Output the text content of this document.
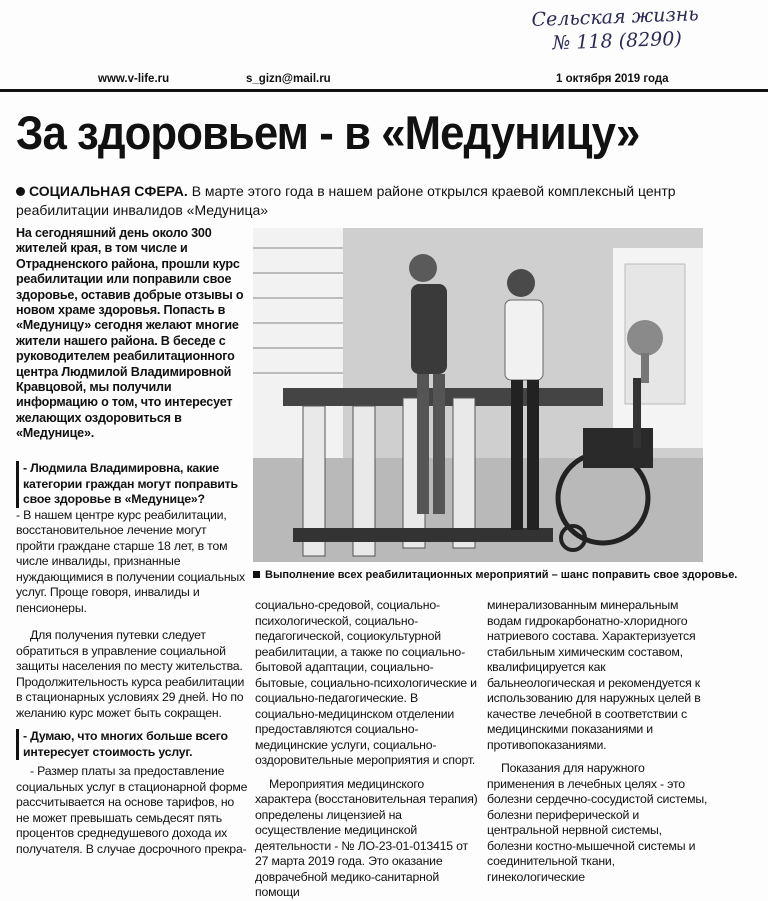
Сельская жизнь
№ 118 (8290)
www.v-life.ru	s_gizn@mail.ru	1 октября 2019 года
За здоровьем - в «Медуницу»
СОЦИАЛЬНАЯ СФЕРА. В марте этого года в нашем районе открылся краевой комплексный центр реабилитации инвалидов «Медуница»
На сегодняшний день около 300 жителей края, в том числе и Отрадненского района, прошли курс реабилитации или поправили свое здоровье, оставив добрые отзывы о новом храме здоровья. Попасть в «Медуницу» сегодня желают многие жители нашего района. В беседе с руководителем реабилитационного центра Людмилой Владимировной Кравцовой, мы получили информацию о том, что интересует желающих оздоровиться в «Медунице».
Выполнение всех реабилитационных мероприятий – шанс поправить свое здоровье.

- Людмила Владимировна, какие категории граждан могут поправить свое здоровье в «Медунице»?

- В нашем центре курс реабилитации, восстановительное лечение могут пройти граждане старше 18 лет, в том числе инвалиды, признанные нуждающимися в получении социальных услуг. Проще говоря, инвалиды и пенсионеры.

Для получения путевки следует обратиться в управление социальной защиты населения по месту жительства. Продолжительность курса реабилитации в стационарных условиях 29 дней. Но по желанию курс может быть сокращен.

- Думаю, что многих больше всего интересует стоимость услуг.

- Размер платы за предоставление социальных услуг в стационарной форме рассчитывается на основе тарифов, но не может превышать семьдесят пять процентов среднедушевого дохода их получателя. В случае досрочного прекра-

социально-средовой, социально-психологической, социально-педагогической, социокультурной реабилитации, а также по социально-бытовой адаптации, социально-бытовые, социально-психологические и социально-педагогические. В социально-медицинском отделении предоставляются социально-медицинские услуги, социально-оздоровительные мероприятия и спорт.

Мероприятия медицинского характера (восстановительная терапия) определены лицензией на осуществление медицинской деятельности - № ЛО-23-01-013415 от 27 марта 2019 года. Это оказание доврачебной медико-санитарной помощи

минерализованным минеральным водам гидрокарбонатно-хлоридного натриевого состава. Характеризуется стабильным химическим составом, квалифицируется как бальнеологическая и рекомендуется к использованию для наружных целей в качестве лечебной в соответствии с медицинскими показаниями и противопоказаниями.

Показания для наружного применения в лечебных целях - это болезни сердечно-сосудистой системы, болезни периферической и центральной нервной системы, болезни костно-мышечной системы и соединительной ткани, гинекологические
